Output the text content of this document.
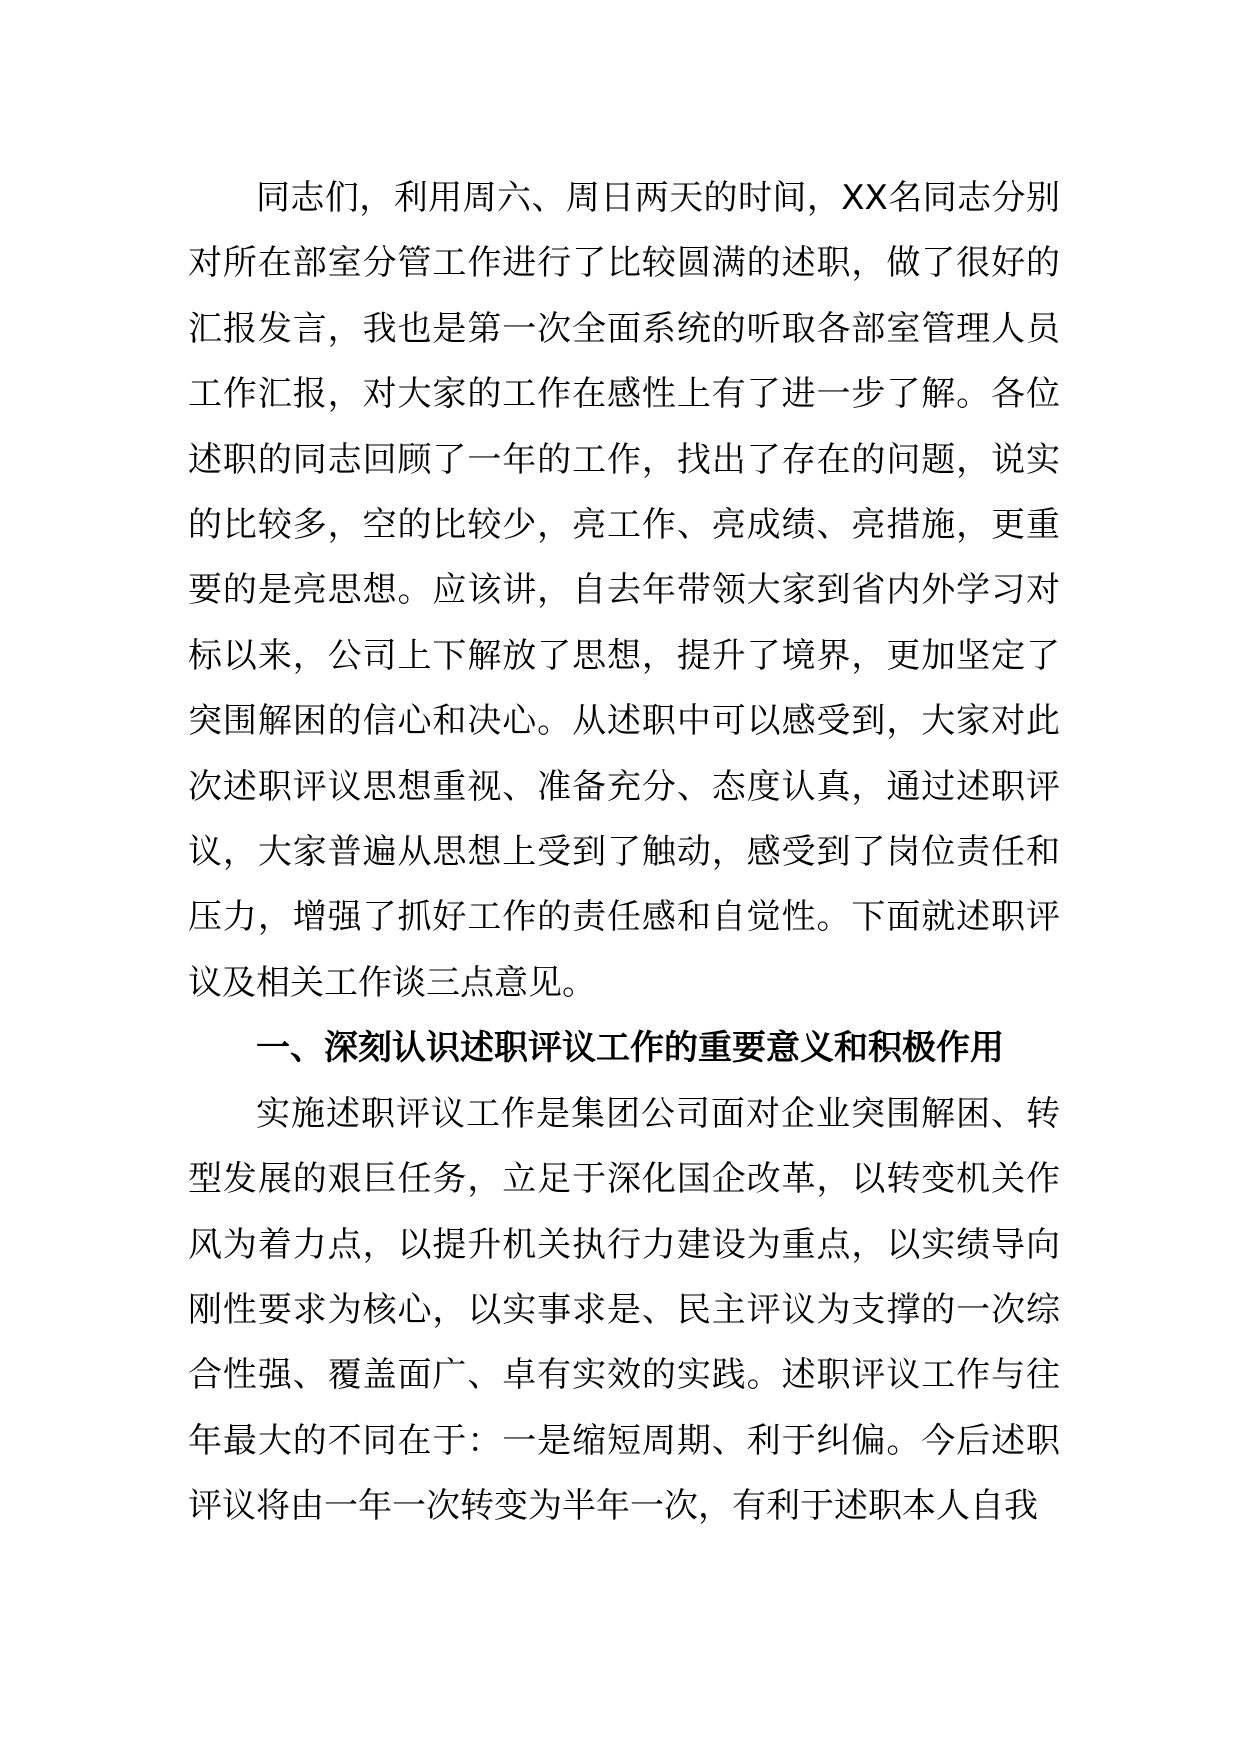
同志们，利用周六、周日两天的时间，XX名同志分别对所在部室分管工作进行了比较圆满的述职，做了很好的汇报发言，我也是第一次全面系统的听取各部室管理人员工作汇报，对大家的工作在感性上有了进一步了解。各位述职的同志回顾了一年的工作，找出了存在的问题，说实的比较多，空的比较少，亮工作、亮成绩、亮措施，更重要的是亮思想。应该讲，自去年带领大家到省内外学习对标以来，公司上下解放了思想，提升了境界，更加坚定了突围解困的信心和决心。从述职中可以感受到，大家对此次述职评议思想重视、准备充分、态度认真，通过述职评议，大家普遍从思想上受到了触动，感受到了岗位责任和压力，增强了抓好工作的责任感和自觉性。下面就述职评议及相关工作谈三点意见。

一、深刻认识述职评议工作的重要意义和积极作用

实施述职评议工作是集团公司面对企业突围解困、转型发展的艰巨任务，立足于深化国企改革，以转变机关作风为着力点，以提升机关执行力建设为重点，以实绩导向刚性要求为核心，以实事求是、民主评议为支撑的一次综合性强、覆盖面广、卓有实效的实践。述职评议工作与往年最大的不同在于：一是缩短周期、利于纠偏。今后述职评议将由一年一次转变为半年一次，有利于述职本人自我
